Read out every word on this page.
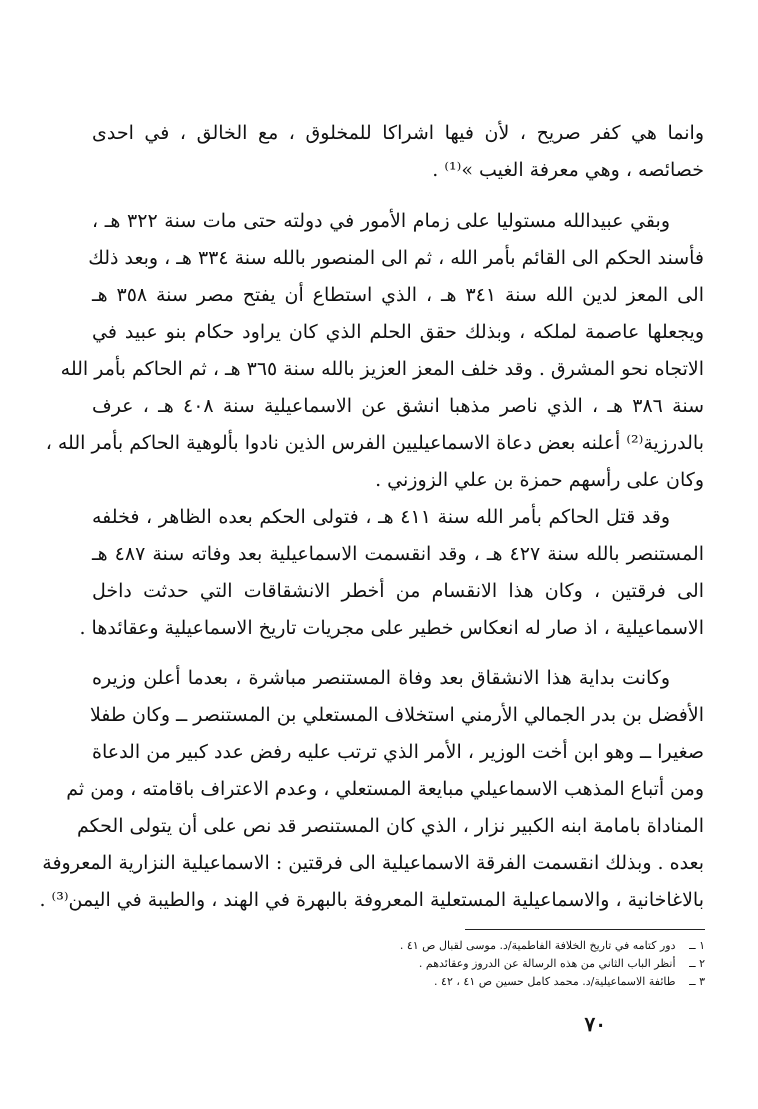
وانما هي كفر صريح ، لأن فيها اشراكا للمخلوق ، مع الخالق ، في احدى
خصائصه ، وهي معرفة الغيب »⁽¹⁾ .
وبقي عبيدالله مستوليا على زمام الأمور في دولته حتى مات سنة ٣٢٢ هـ ،
فأسند الحكم الى القائم بأمر الله ، ثم الى المنصور بالله سنة ٣٣٤ هـ ، وبعد ذلك
الى المعز لدين الله سنة ٣٤١ هـ ، الذي استطاع أن يفتح مصر سنة ٣٥٨ هـ
ويجعلها عاصمة لملكه ، وبذلك حقق الحلم الذي كان يراود حكام بنو عبيد في
الاتجاه نحو المشرق . وقد خلف المعز العزيز بالله سنة ٣٦٥ هـ ، ثم الحاكم بأمر الله
سنة ٣٨٦ هـ ، الذي ناصر مذهبا انشق عن الاسماعيلية سنة ٤٠٨ هـ ، عرف
بالدرزية⁽²⁾ أعلنه بعض دعاة الاسماعيليين الفرس الذين نادوا بألوهية الحاكم بأمر الله ،
وكان على رأسهم حمزة بن علي الزوزني .
وقد قتل الحاكم بأمر الله سنة ٤١١ هـ ، فتولى الحكم بعده الظاهر ، فخلفه
المستنصر بالله سنة ٤٢٧ هـ ، وقد انقسمت الاسماعيلية بعد وفاته سنة ٤٨٧ هـ
الى فرقتين ، وكان هذا الانقسام من أخطر الانشقاقات التي حدثت داخل
الاسماعيلية ، اذ صار له انعكاس خطير على مجريات تاريخ الاسماعيلية وعقائدها .
وكانت بداية هذا الانشقاق بعد وفاة المستنصر مباشرة ، بعدما أعلن وزيره
الأفضل بن بدر الجمالي الأرمني استخلاف المستعلي بن المستنصر ــ وكان طفلا
صغيرا ــ وهو ابن أخت الوزير ، الأمر الذي ترتب عليه رفض عدد كبير من الدعاة
ومن أتباع المذهب الاسماعيلي مبايعة المستعلي ، وعدم الاعتراف باقامته ، ومن ثم
المناداة بامامة ابنه الكبير نزار ، الذي كان المستنصر قد نص على أن يتولى الحكم
بعده . وبذلك انقسمت الفرقة الاسماعيلية الى فرقتين : الاسماعيلية النزارية المعروفة
بالاغاخانية ، والاسماعيلية المستعلية المعروفة بالبهرة في الهند ، والطيبة في اليمن⁽³⁾ .
١ ــ دور كتامه في تاريخ الخلافة الفاطمية/د. موسى لقبال ص ٤١ .
٢ ــ أنظر الباب الثاني من هذه الرسالة عن الدروز وعقائدهم .
٣ ــ طائفة الاسماعيلية/د. محمد كامل حسين ص ٤١ ، ٤٢ .
٧٠
